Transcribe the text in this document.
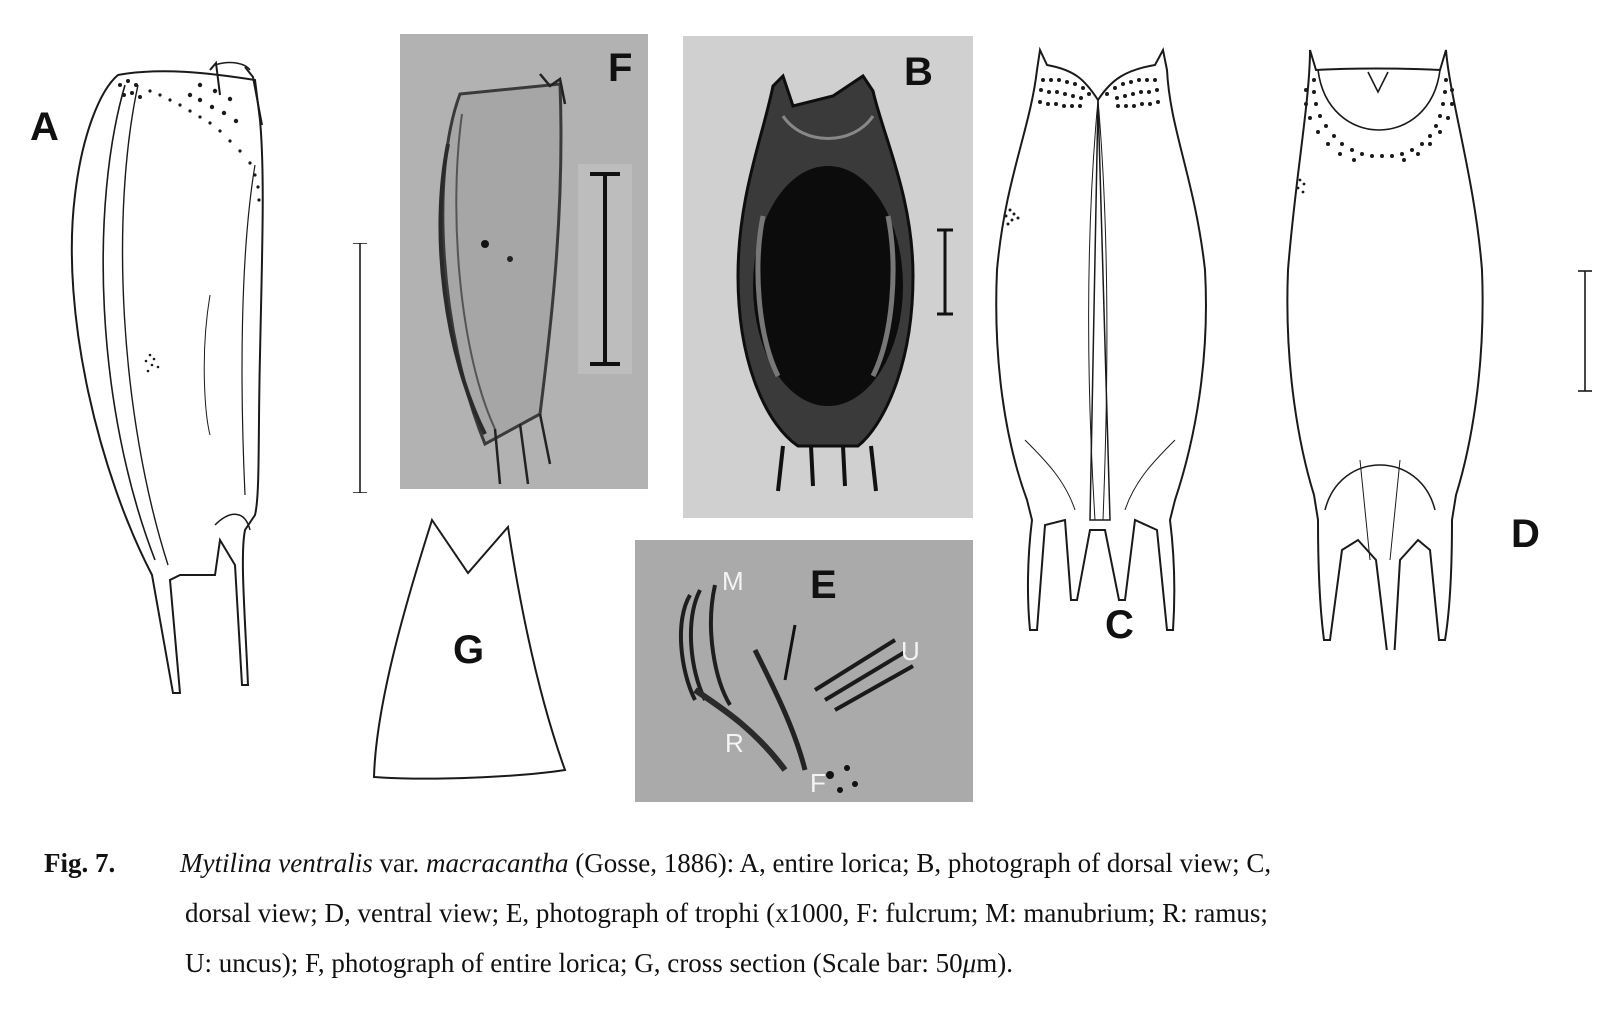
A
F	B
C
D
G
E
M
U
R
F
Fig. 7. Mytilina ventralis var. macracantha (Gosse, 1886): A, entire lorica; B, photograph of dorsal view; C,
dorsal view; D, ventral view; E, photograph of trophi (x1000, F: fulcrum; M: manubrium; R: ramus;
U: uncus); F, photograph of entire lorica; G, cross section (Scale bar: 50μm).
